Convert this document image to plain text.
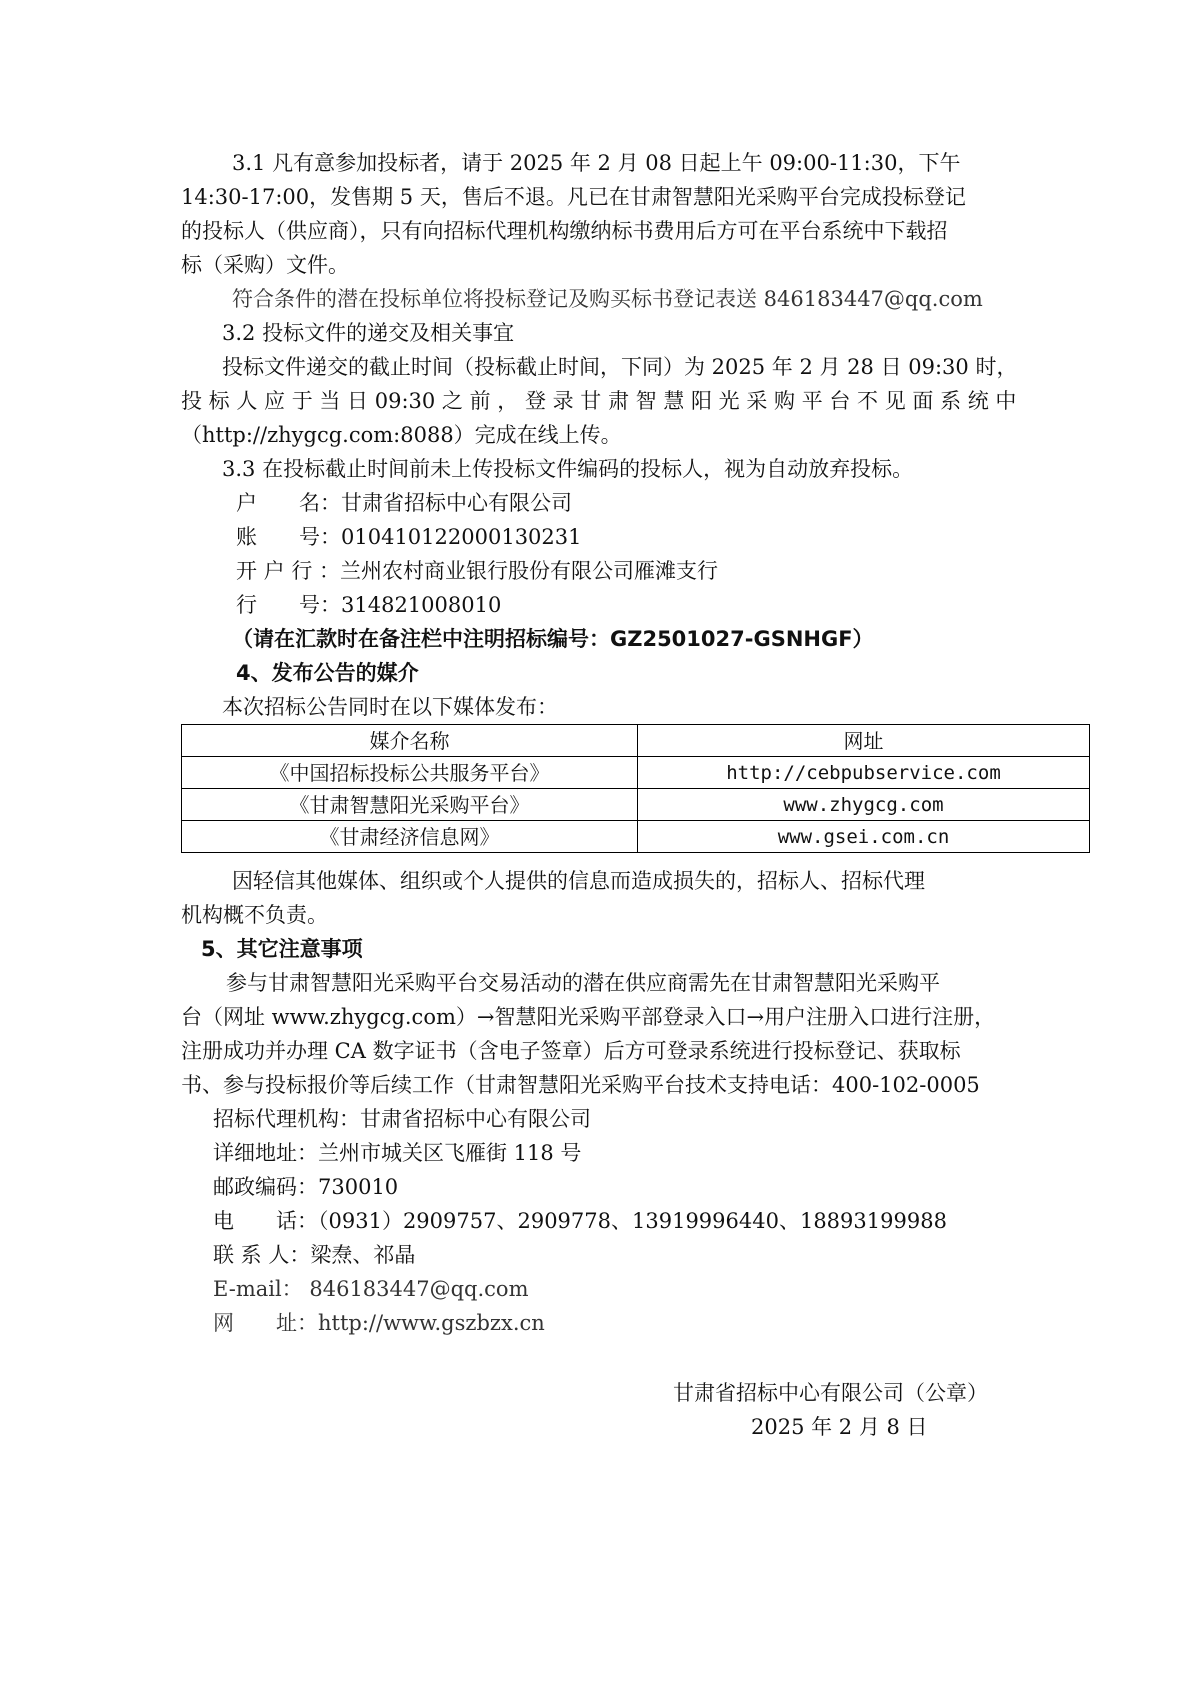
3.1 凡有意参加投标者，请于 2025 年 2 月 08 日起上午 09:00-11:30，下午
14:30-17:00，发售期 5 天，售后不退。凡已在甘肃智慧阳光采购平台完成投标登记
的投标人（供应商），只有向招标代理机构缴纳标书费用后方可在平台系统中下载招
标（采购）文件。
符合条件的潜在投标单位将投标登记及购买标书登记表送 846183447@qq.com
3.2 投标文件的递交及相关事宜
投标文件递交的截止时间（投标截止时间，下同）为 2025 年 2 月 28 日 09:30 时，
投 标 人 应 于 当 日 09:30 之 前 ， 登 录 甘 肃 智 慧 阳 光 采 购 平 台 不 见 面 系 统 中
（http://zhygcg.com:8088）完成在线上传。
3.3 在投标截止时间前未上传投标文件编码的投标人，视为自动放弃投标。
户　　名：甘肃省招标中心有限公司
账　　号：010410122000130231
开 户 行 ：兰州农村商业银行股份有限公司雁滩支行
行　　号：314821008010
（请在汇款时在备注栏中注明招标编号：GZ2501027-GSNHGF）
4、发布公告的媒介
本次招标公告同时在以下媒体发布：
媒介名称	网址
《中国招标投标公共服务平台》	http://cebpubservice.com
《甘肃智慧阳光采购平台》	www.zhygcg.com
《甘肃经济信息网》	www.gsei.com.cn
因轻信其他媒体、组织或个人提供的信息而造成损失的，招标人、招标代理
机构概不负责。
5、其它注意事项
参与甘肃智慧阳光采购平台交易活动的潜在供应商需先在甘肃智慧阳光采购平
台（网址 www.zhygcg.com）→智慧阳光采购平部登录入口→用户注册入口进行注册，
注册成功并办理 CA 数字证书（含电子签章）后方可登录系统进行投标登记、获取标
书、参与投标报价等后续工作（甘肃智慧阳光采购平台技术支持电话：400-102-0005
招标代理机构：甘肃省招标中心有限公司
详细地址：兰州市城关区飞雁街 118 号
邮政编码：730010
电　　话：（0931）2909757、2909778、13919996440、18893199988
联 系 人：梁焘、祁晶
E-mail： 846183447@qq.com
网　　址：http://www.gszbzx.cn
甘肃省招标中心有限公司（公章）
2025 年 2 月 8 日
